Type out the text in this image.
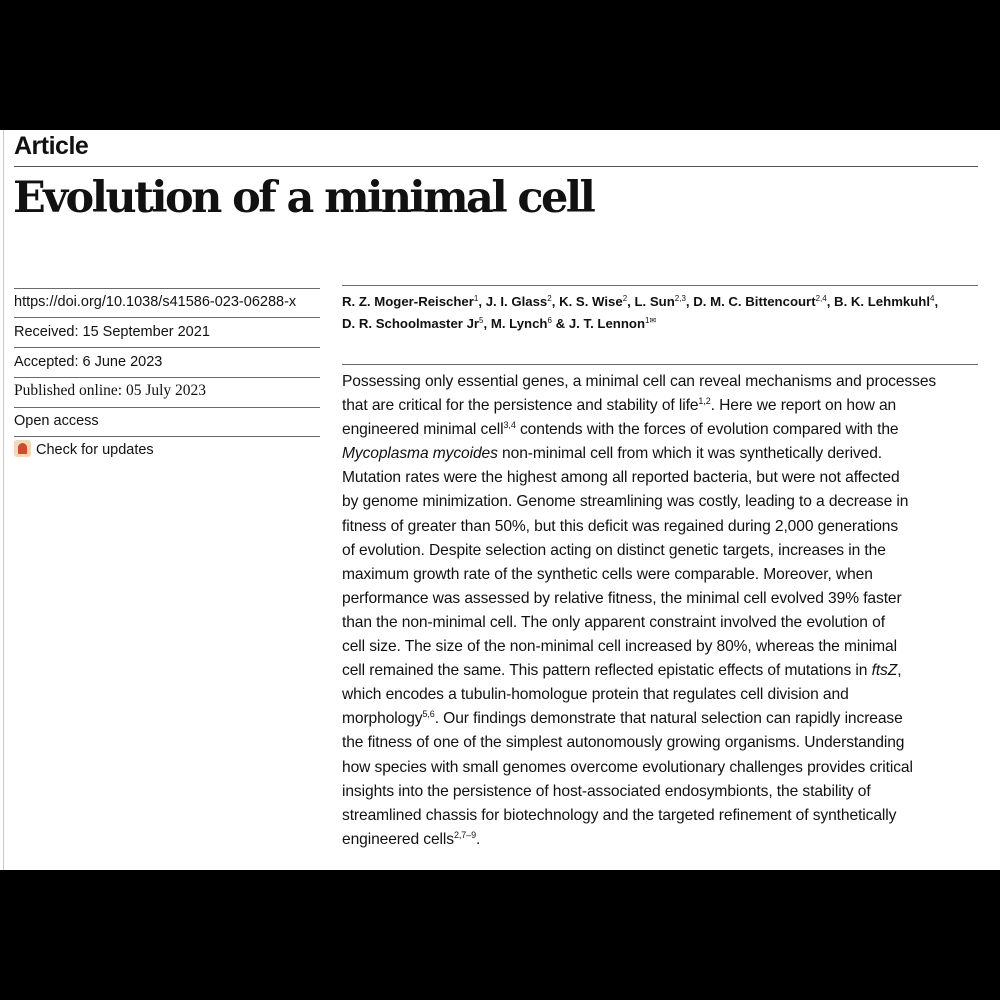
Article
Evolution of a minimal cell
https://doi.org/10.1038/s41586-023-06288-x
Received: 15 September 2021
Accepted: 6 June 2023
Published online: 05 July 2023
Open access
Check for updates
R. Z. Moger-Reischer$^1$, J. I. Glass$^2$, K. S. Wise$^2$, L. Sun$^{2,3}$, D. M. C. Bittencourt$^{2,4}$, B. K. Lehmkuhl$^4$,
D. R. Schoolmaster Jr$^5$, M. Lynch$^6$ & J. T. Lennon$^{1✉}$
Possessing only essential genes, a minimal cell can reveal mechanisms and processes
that are critical for the persistence and stability of life$^{1,2}$. Here we report on how an
engineered minimal cell$^{3,4}$ contends with the forces of evolution compared with the
Mycoplasma mycoides non-minimal cell from which it was synthetically derived.
Mutation rates were the highest among all reported bacteria, but were not affected
by genome minimization. Genome streamlining was costly, leading to a decrease in
fitness of greater than 50%, but this deficit was regained during 2,000 generations
of evolution. Despite selection acting on distinct genetic targets, increases in the
maximum growth rate of the synthetic cells were comparable. Moreover, when
performance was assessed by relative fitness, the minimal cell evolved 39% faster
than the non-minimal cell. The only apparent constraint involved the evolution of
cell size. The size of the non-minimal cell increased by 80%, whereas the minimal
cell remained the same. This pattern reflected epistatic effects of mutations in ftsZ,
which encodes a tubulin-homologue protein that regulates cell division and
morphology$^{5,6}$. Our findings demonstrate that natural selection can rapidly increase
the fitness of one of the simplest autonomously growing organisms. Understanding
how species with small genomes overcome evolutionary challenges provides critical
insights into the persistence of host-associated endosymbionts, the stability of
streamlined chassis for biotechnology and the targeted refinement of synthetically
engineered cells$^{2,7-9}$.
